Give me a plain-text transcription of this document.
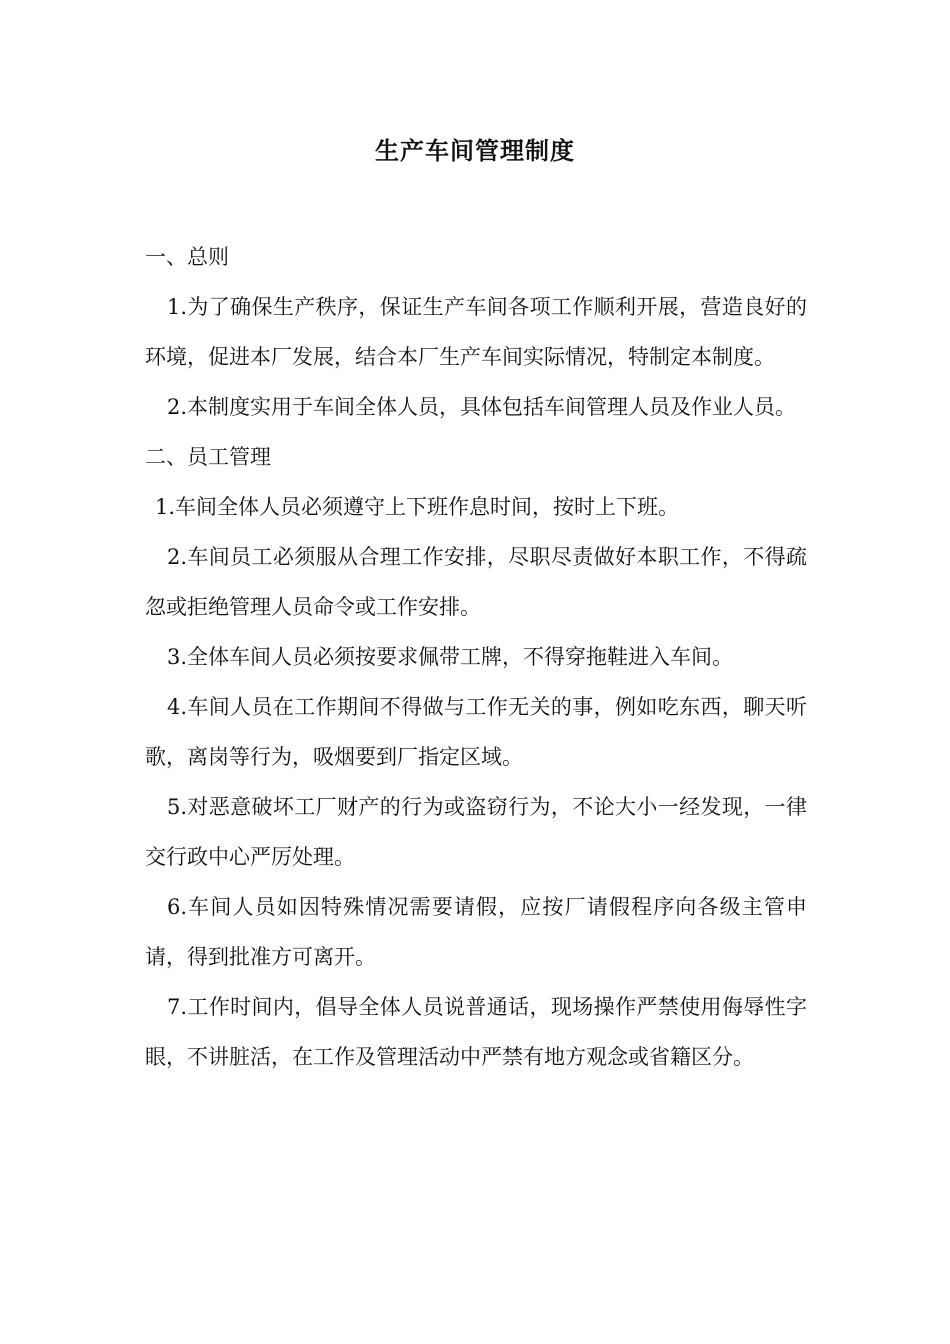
生产车间管理制度

一、总则

1.为了确保生产秩序，保证生产车间各项工作顺利开展，营造良好的环境，促进本厂发展，结合本厂生产车间实际情况，特制定本制度。

2.本制度实用于车间全体人员，具体包括车间管理人员及作业人员。

二、员工管理

1.车间全体人员必须遵守上下班作息时间，按时上下班。

2.车间员工必须服从合理工作安排，尽职尽责做好本职工作，不得疏忽或拒绝管理人员命令或工作安排。

3.全体车间人员必须按要求佩带工牌，不得穿拖鞋进入车间。

4.车间人员在工作期间不得做与工作无关的事，例如吃东西，聊天听歌，离岗等行为，吸烟要到厂指定区域。

5.对恶意破坏工厂财产的行为或盗窃行为，不论大小一经发现，一律交行政中心严厉处理。

6.车间人员如因特殊情况需要请假，应按厂请假程序向各级主管申请，得到批准方可离开。

7.工作时间内，倡导全体人员说普通话，现场操作严禁使用侮辱性字眼，不讲脏活，在工作及管理活动中严禁有地方观念或省籍区分。
